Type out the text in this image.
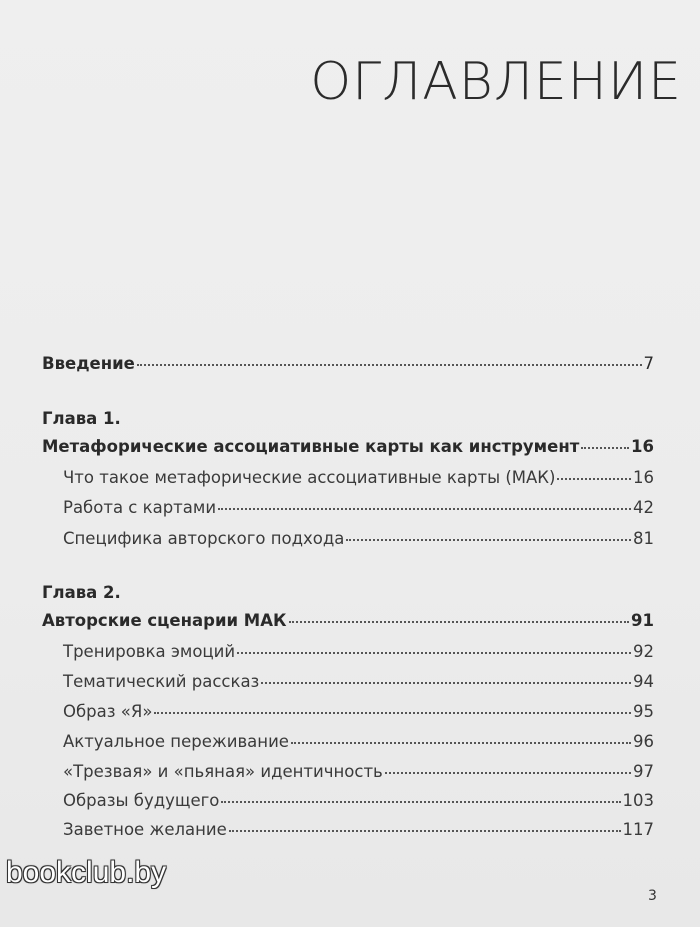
ОГЛАВЛЕНИЕ
Введение	7
Глава 1.
Метафорические ассоциативные карты как инструмент	16
Что такое метафорические ассоциативные карты (МАК)	16
Работа с картами	42
Специфика авторского подхода	81
Глава 2.
Авторские сценарии МАК	91
Тренировка эмоций	92
Тематический рассказ	94
Образ «Я»	95
Актуальное переживание	96
«Трезвая» и «пьяная» идентичность	97
Образы будущего	103
Заветное желание	117
bookclub.by
3
